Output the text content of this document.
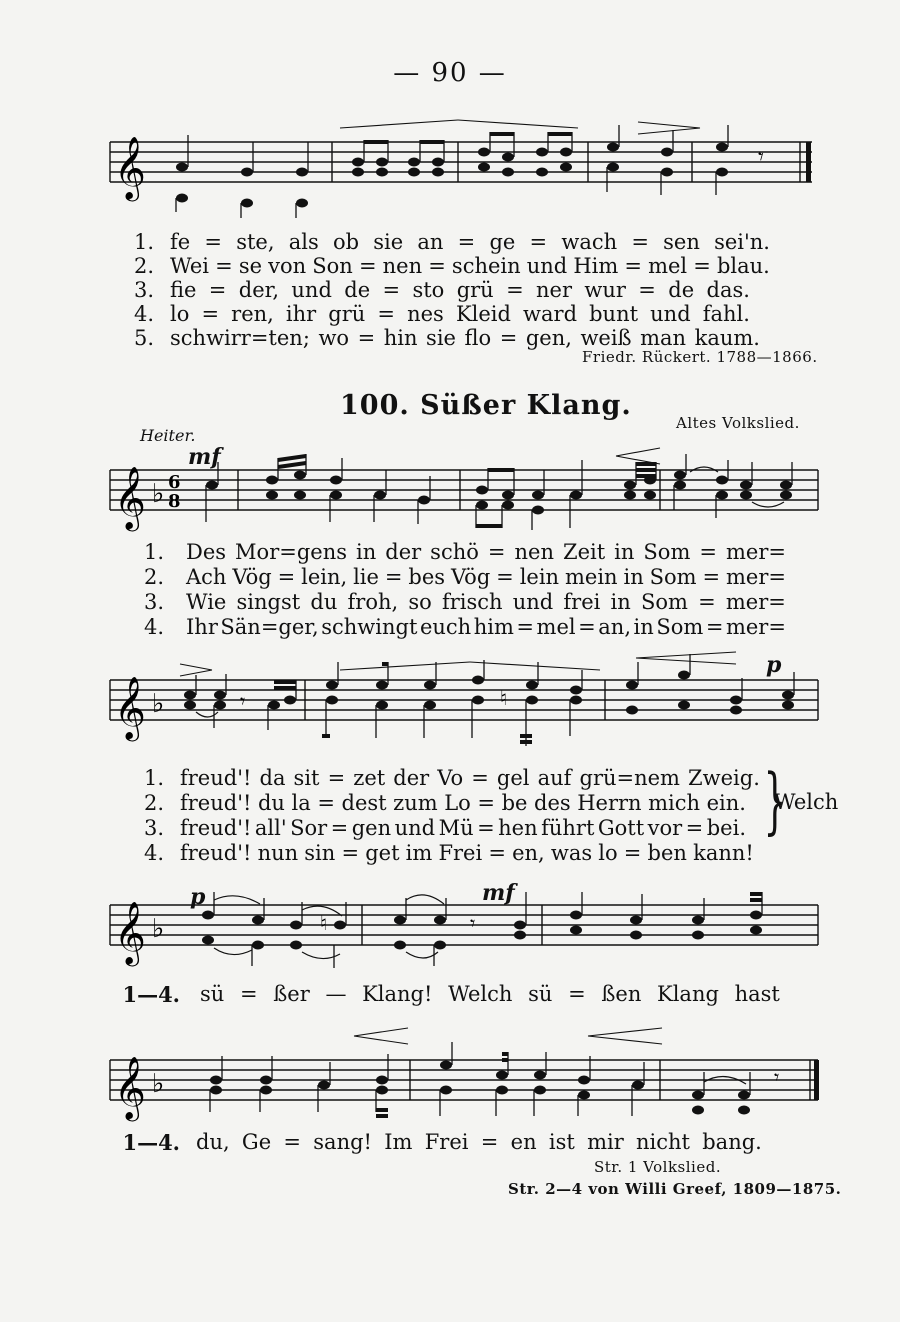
— 90 —
𝄞	𝄾
1. fe = ste, als ob sie an = ge = wach = sen sei'n.
2. Wei = se von Son = nen = schein und Him = mel = blau.
3. fie = der, und de = sto grü = ner wur = de das.
4. lo = ren, ihr grü = nes Kleid ward bunt und fahl.
5. schwirr=ten; wo = hin sie flo = gen, weiß man kaum.
Friedr. Rückert. 1788—1866.
100. Süßer Klang.
Heiter.
Altes Volkslied.
mf
𝄞 ♭ 6
8
1. Des Mor=gens in der schö = nen Zeit in Som = mer=
2. Ach Vög = lein, lie = bes Vög = lein mein in Som = mer=
3. Wie singst du froh, so frisch und frei in Som = mer=
4. Ihr Sän=ger, schwingt euch him = mel = an, in Som = mer=
p
𝄞 ♭	♮
𝄾
1. freud'! da sit = zet der Vo = gel auf grü=nem Zweig.
2. freud'! du la = dest zum Lo = be des Herrn mich ein.
3. freud'! all' Sor = gen und Mü = hen führt Gott vor = bei.
4. freud'! nun sin = get im Frei = en, was lo = ben kann!
}
Welch
p	mf
𝄞 ♭	♮	𝄾
1—4. sü = ßer — Klang! Welch sü = ßen Klang hast
𝄞 ♭	𝄾
1—4. du, Ge = sang! Im Frei = en ist mir nicht bang.
Str. 1 Volkslied.
Str. 2—4 von Willi Greef, 1809—1875.
